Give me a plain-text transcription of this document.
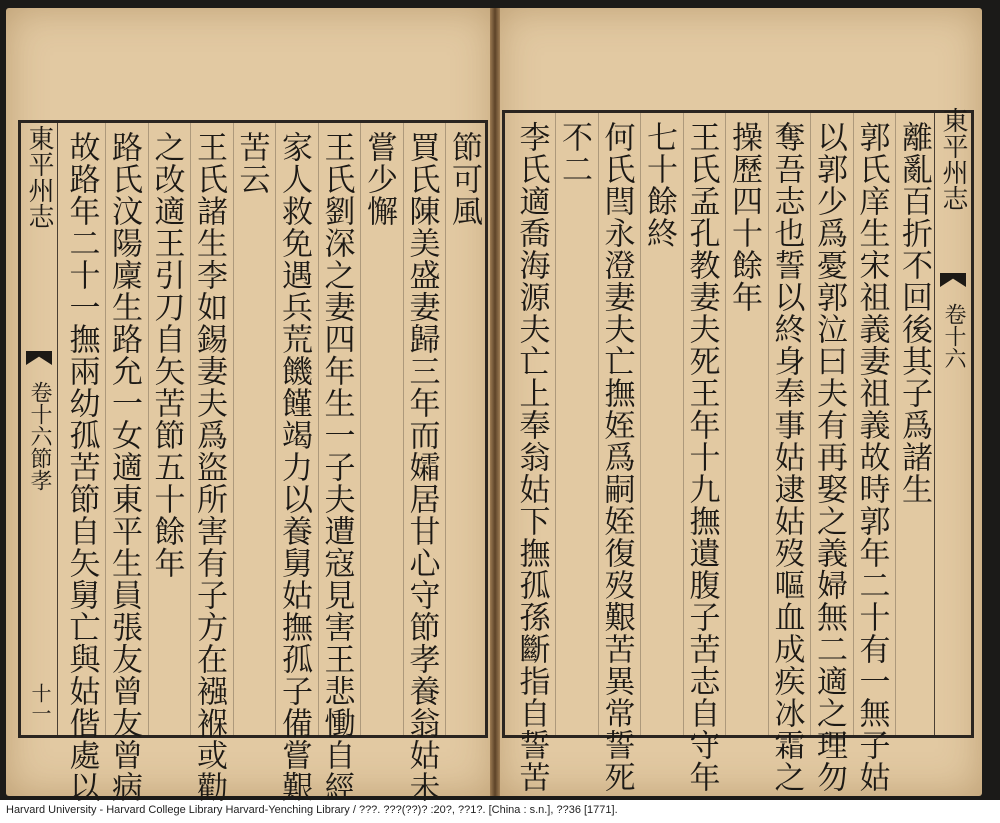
東平州志
卷十六節孝
十一
節可風
買氏陳美盛妻歸三年而孀居甘心守節孝養翁姑未
嘗少懈
王氏劉深之妻四年生一子夫遭寇見害王悲慟自經
家人救免遇兵荒饑饉竭力以養舅姑撫孤子備嘗艱
苦云
王氏諸生李如錫妻夫爲盜所害有子方在襁褓或勸
之改適王引刀自矢苦節五十餘年
路氏汶陽廩生路允一女適東平生員張友曾友曾病
故路年二十一撫兩幼孤苦節自矢舅亡與姑偕處以	東平州志
卷十六
離亂百折不回後其子爲諸生
郭氏庠生宋祖義妻祖義故時郭年二十有一無子姑
以郭少爲憂郭泣曰夫有再娶之義婦無二適之理勿
奪吾志也誓以終身奉事姑逮姑歿嘔血成疾冰霜之
操歷四十餘年
王氏孟孔教妻夫死王年十九撫遺腹子苦志自守年
七十餘終
何氏閆永澄妻夫亡撫姪爲嗣姪復歿艱苦異常誓死
不二
李氏適喬海源夫亡上奉翁姑下撫孤孫斷指自誓苦
Harvard University - Harvard College Library Harvard-Yenching Library / ???. ???(??)? :20?, ??1?. [China : s.n.], ??36 [1771].
